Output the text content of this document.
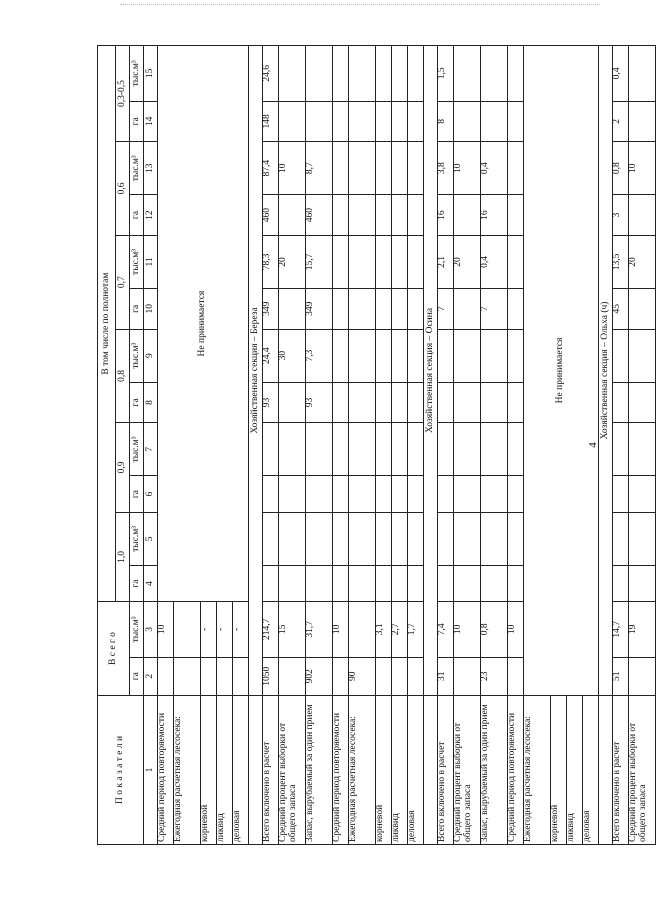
П о к а з а т е л и	В с е г о		В том числе по полнотам											
			1,0		0,9		0,8		0,7		0,6		0,3-0,5	
	га	тыс.м³	га	тыс.м³	га	тыс.м³	га	тыс.м³	га	тыс.м³	га	тыс.м³	га	тыс.м³
1	2	3	4	5	6	7	8	9	10	11	12	13	14	15
Средний период повторяемости		10	Не принимается											
Ежегодная расчетная лесосека:														
корневой		-												
ликвид		-												
деловая		-												
	Хозяйственная секция – Береза													
Всего включено в расчет	1050	214,7					93	24,4	349	78,3	460	87,4	148	24,6
Средний процент выборки от общего запаса		15						30		20		10		
Запас, вырубаемый за один прием	902	31,7					93	7,3	349	15,7	460	8,7		
Средний период повторяемости		10												
Ежегодная расчетная лесосека:	90													
корневой		3,1												
ликвид		2,7												
деловая		1,7												
	Хозяйственная секция – Осина													
Всего включено в расчет	31	7,4							7	2,1	16	3,8	8	1,5
Средний процент выборки от общего запаса		10								20		10		
Запас, вырубаемый за один прием	23	0,8							7	0,4	16	0,4		
Средний период повторяемости		10												
Ежегодная расчетная лесосека:	Не принимается													
корневой														
ликвид														
деловая														
	Хозяйственная секция – Ольха (ч)													
Всего включено в расчет	51	14,7							45	13,5	3	0,8	2	0,4
Средний процент выборки от общего запаса		19								20		10		
4
